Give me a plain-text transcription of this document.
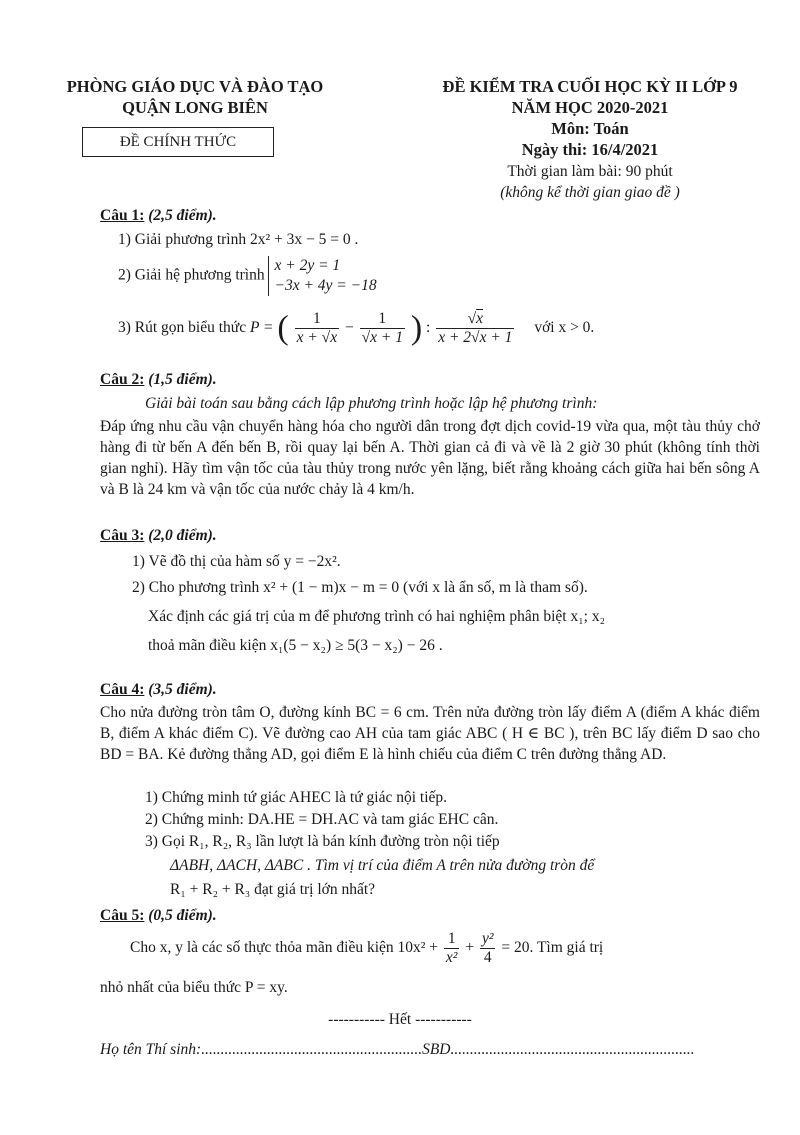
PHÒNG GIÁO DỤC VÀ ĐÀO TẠO
QUẬN LONG BIÊN
ĐỀ CHÍNH THỨC
ĐỀ KIỂM TRA CUỐI HỌC KỲ II LỚP 9
NĂM HỌC 2020-2021
Môn: Toán
Ngày thi: 16/4/2021
Thời gian làm bài: 90 phút
(không kể thời gian giao đề )
Câu 1: (2,5 điểm).
1) Giải phương trình 2x² + 3x − 5 = 0 .
2) Giải hệ phương trình
x + 2y = 1
−3x + 4y = −18
3) Rút gọn biểu thức P = ( $\frac{1}{x + √x} - \frac{1}{√x + 1}$ ) : $\frac{√x}{x + 2√x + 1}$ với x > 0.
Câu 2: (1,5 điểm).
Giải bài toán sau bằng cách lập phương trình hoặc lập hệ phương trình:
Đáp ứng nhu cầu vận chuyển hàng hóa cho người dân trong đợt dịch covid-19 vừa qua, một tàu thủy chở hàng đi từ bến A đến bến B, rồi quay lại bến A. Thời gian cả đi và về là 2 giờ 30 phút (không tính thời gian nghỉ). Hãy tìm vận tốc của tàu thủy trong nước yên lặng, biết rằng khoảng cách giữa hai bến sông A và B là 24 km và vận tốc của nước chảy là 4 km/h.
Câu 3: (2,0 điểm).
1) Vẽ đồ thị của hàm số y = −2x².
2) Cho phương trình x² + (1 − m)x − m = 0 (với x là ẩn số, m là tham số).
Xác định các giá trị của m để phương trình có hai nghiệm phân biệt x₁; x₂
thoả mãn điều kiện x₁(5 − x₂) ≥ 5(3 − x₂) − 26 .
Câu 4: (3,5 điểm).
Cho nửa đường tròn tâm O, đường kính BC = 6 cm. Trên nửa đường tròn lấy điểm A (điểm A khác điểm B, điểm A khác điểm C). Vẽ đường cao AH của tam giác ABC ( H ∈ BC ), trên BC lấy điểm D sao cho BD = BA. Kẻ đường thẳng AD, gọi điểm E là hình chiếu của điểm C trên đường thẳng AD.
1) Chứng minh tứ giác AHEC là tứ giác nội tiếp.
2) Chứng minh: DA.HE = DH.AC và tam giác EHC cân.
3) Gọi R₁, R₂, R₃ lần lượt là bán kính đường tròn nội tiếp
ΔABH, ΔACH, ΔABC . Tìm vị trí của điểm A trên nửa đường tròn để
R₁ + R₂ + R₃ đạt giá trị lớn nhất?
Câu 5: (0,5 điểm).
Cho x, y là các số thực thỏa mãn điều kiện $10x^2 + \frac{1}{\text{x²}} + \frac{\text{y²}}{4} = 20$. Tìm giá trị
nhỏ nhất của biểu thức P = xy.
----------- Hết -----------
Họ tên Thí sinh:.........................................................SBD...............................................................
